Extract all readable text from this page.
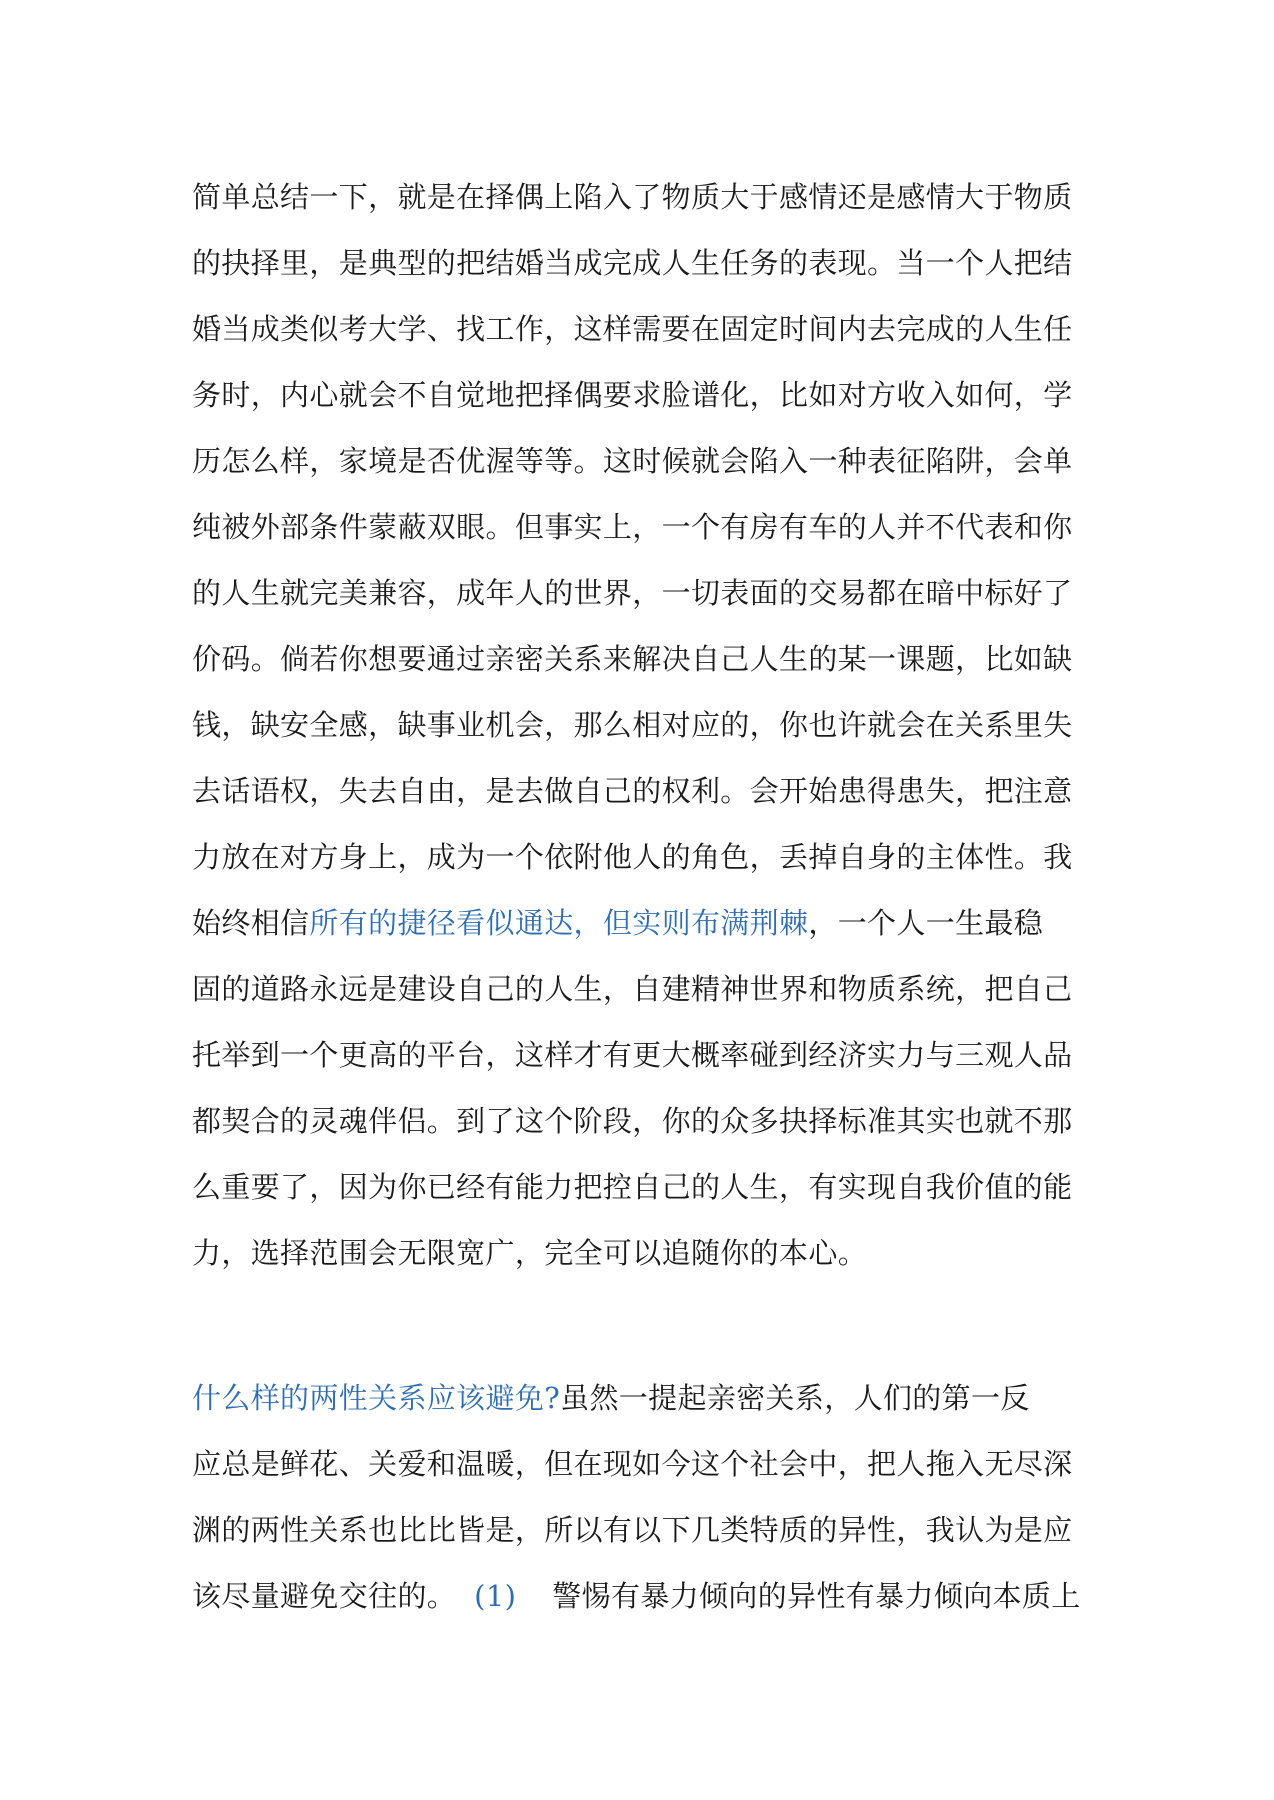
简单总结一下，就是在择偶上陷入了物质大于感情还是感情大于物质
的抉择里，是典型的把结婚当成完成人生任务的表现。当一个人把结
婚当成类似考大学、找工作，这样需要在固定时间内去完成的人生任
务时，内心就会不自觉地把择偶要求脸谱化，比如对方收入如何，学
历怎么样，家境是否优渥等等。这时候就会陷入一种表征陷阱，会单
纯被外部条件蒙蔽双眼。但事实上，一个有房有车的人并不代表和你
的人生就完美兼容，成年人的世界，一切表面的交易都在暗中标好了
价码。倘若你想要通过亲密关系来解决自己人生的某一课题，比如缺
钱，缺安全感，缺事业机会，那么相对应的，你也许就会在关系里失
去话语权，失去自由，是去做自己的权利。会开始患得患失，把注意
力放在对方身上，成为一个依附他人的角色，丢掉自身的主体性。我
始终相信所有的捷径看似通达，但实则布满荆棘，一个人一生最稳
固的道路永远是建设自己的人生，自建精神世界和物质系统，把自己
托举到一个更高的平台，这样才有更大概率碰到经济实力与三观人品
都契合的灵魂伴侣。到了这个阶段，你的众多抉择标准其实也就不那
么重要了，因为你已经有能力把控自己的人生，有实现自我价值的能
力，选择范围会无限宽广，完全可以追随你的本心。
什么样的两性关系应该避免?虽然一提起亲密关系，人们的第一反
应总是鲜花、关爱和温暖，但在现如今这个社会中，把人拖入无尽深
渊的两性关系也比比皆是，所以有以下几类特质的异性，我认为是应
该尽量避免交往的。 (1) 警惕有暴力倾向的异性有暴力倾向本质上
